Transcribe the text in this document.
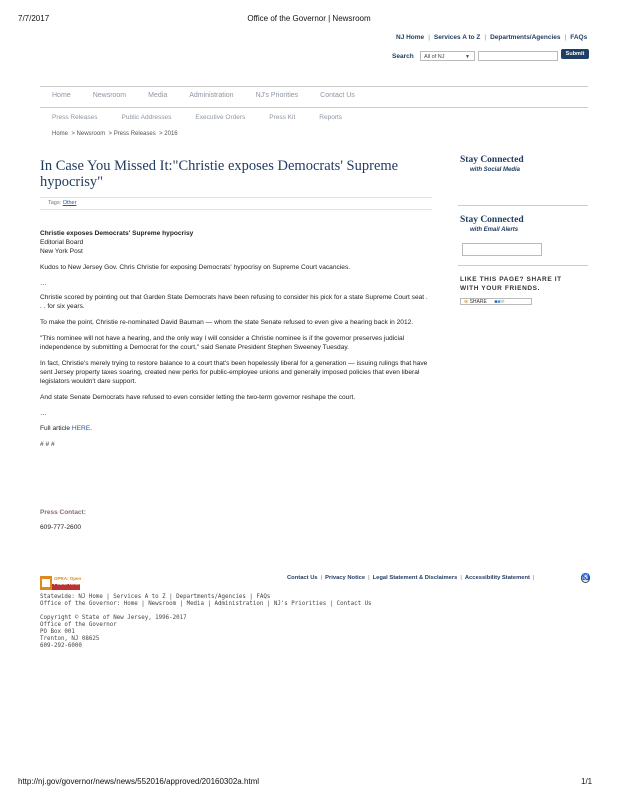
7/7/2017	Office of the Governor | Newsroom
NJ Home | Services A to Z | Departments/Agencies | FAQs
Search	All of NJ	▼	Submit
Home	Newsroom	Media	Administration	NJ's Priorities	Contact Us
Press Releases	Public Addresses	Executive Orders	Press Kit	Reports
Home > Newsroom > Press Releases > 2016
In Case You Missed It:"Christie exposes Democrats' Supreme hypocrisy"
Tags: Other

Christie exposes Democrats' Supreme hypocrisy

Editorial Board

New York Post

Kudos to New Jersey Gov. Chris Christie for exposing Democrats' hypocrisy on Supreme Court vacancies.

…

Christie scored by pointing out that Garden State Democrats have been refusing to consider his pick for a state Supreme Court seat . . . for six years.

To make the point, Christie re-nominated David Bauman — whom the state Senate refused to even give a hearing back in 2012.

"This nominee will not have a hearing, and the only way I will consider a Christie nominee is if the governor preserves judicial independence by submitting a Democrat for the court," said Senate President Stephen Sweeney Tuesday.

In fact, Christie's merely trying to restore balance to a court that's been hopelessly liberal for a generation — issuing rulings that have sent Jersey property taxes soaring, created new perks for public-employee unions and generally imposed policies that even liberal legislators wouldn't dare support.

And state Senate Democrats have refused to even consider letting the two-term governor reshape the court.

…

Full article HERE.

# # #

Press Contact:
609-777-2600
Stay Connected
with Social Media
Stay Connected
with Email Alerts
LIKE THIS PAGE? SHARE IT
WITH YOUR FRIENDS.
⊕ SHARE ■■✉
OPRA: Open
Public Records Act
Contact Us | Privacy Notice | Legal Statement & Disclaimers | Accessibility Statement |	♿
Statewide: NJ Home | Services A to Z | Departments/Agencies | FAQs
Office of the Governor: Home | Newsroom | Media | Administration | NJ's Priorities | Contact Us
Copyright © State of New Jersey, 1996-2017
Office of the Governor
PO Box 001
Trenton, NJ 08625
609-292-6000
http://nj.gov/governor/news/news/552016/approved/20160302a.html	1/1
